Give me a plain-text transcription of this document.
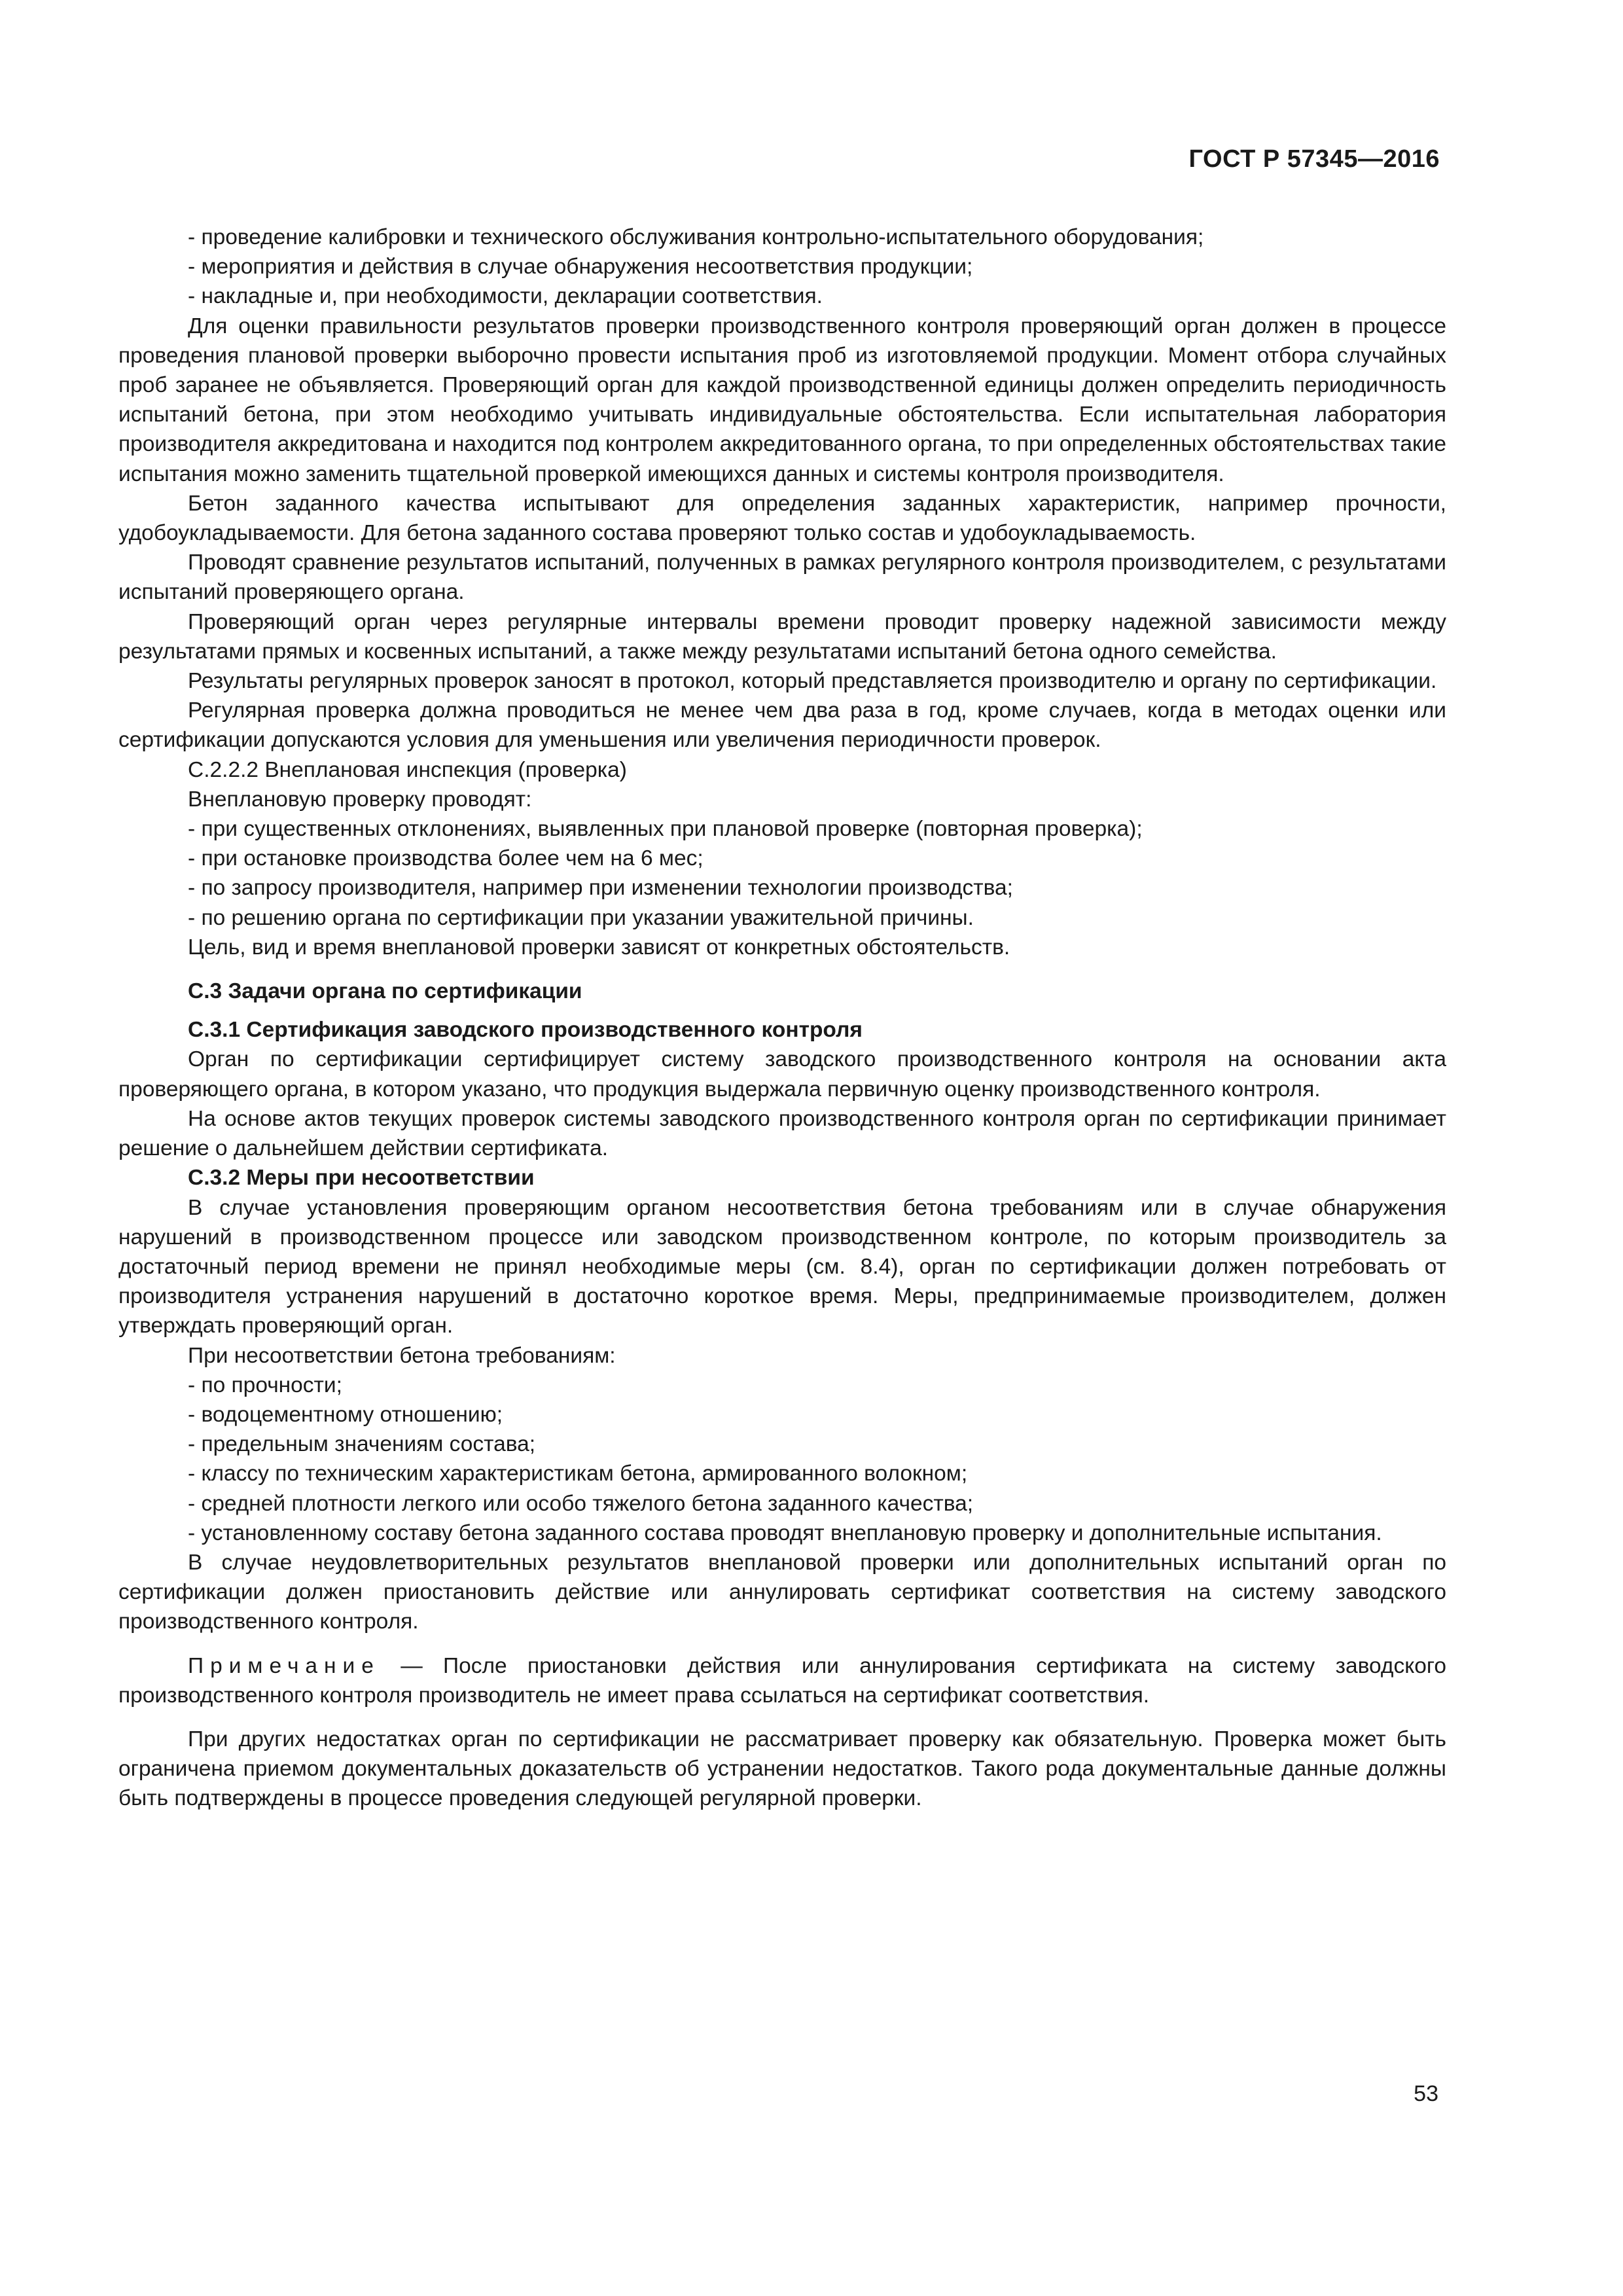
ГОСТ Р 57345—2016

- проведение калибровки и технического обслуживания контрольно-испытательного оборудования;

- мероприятия и действия в случае обнаружения несоответствия продукции;

- накладные и, при необходимости, декларации соответствия.

Для оценки правильности результатов проверки производственного контроля проверяющий орган должен в процессе проведения плановой проверки выборочно провести испытания проб из изготовляемой продукции. Момент отбора случайных проб заранее не объявляется. Проверяющий орган для каждой производственной единицы должен определить периодичность испытаний бетона, при этом необходимо учитывать индивидуальные обстоятельства. Если испытательная лаборатория производителя аккредитована и находится под контролем аккредитованного органа, то при определенных обстоятельствах такие испытания можно заменить тщательной проверкой имеющихся данных и системы контроля производителя.

Бетон заданного качества испытывают для определения заданных характеристик, например прочности, удобоукладываемости. Для бетона заданного состава проверяют только состав и удобоукладываемость.

Проводят сравнение результатов испытаний, полученных в рамках регулярного контроля производителем, с результатами испытаний проверяющего органа.

Проверяющий орган через регулярные интервалы времени проводит проверку надежной зависимости между результатами прямых и косвенных испытаний, а также между результатами испытаний бетона одного семейства.

Результаты регулярных проверок заносят в протокол, который представляется производителю и органу по сертификации.

Регулярная проверка должна проводиться не менее чем два раза в год, кроме случаев, когда в методах оценки или сертификации допускаются условия для уменьшения или увеличения периодичности проверок.

С.2.2.2 Внеплановая инспекция (проверка)

Внеплановую проверку проводят:

- при существенных отклонениях, выявленных при плановой проверке (повторная проверка);

- при остановке производства более чем на 6 мес;

- по запросу производителя, например при изменении технологии производства;

- по решению органа по сертификации при указании уважительной причины.

Цель, вид и время внеплановой проверки зависят от конкретных обстоятельств.

С.3 Задачи органа по сертификации

С.3.1 Сертификация заводского производственного контроля

Орган по сертификации сертифицирует систему заводского производственного контроля на основании акта проверяющего органа, в котором указано, что продукция выдержала первичную оценку производственного контроля.

На основе актов текущих проверок системы заводского производственного контроля орган по сертификации принимает решение о дальнейшем действии сертификата.

С.3.2 Меры при несоответствии

В случае установления проверяющим органом несоответствия бетона требованиям или в случае обнаружения нарушений в производственном процессе или заводском производственном контроле, по которым производитель за достаточный период времени не принял необходимые меры (см. 8.4), орган по сертификации должен потребовать от производителя устранения нарушений в достаточно короткое время. Меры, предпринимаемые производителем, должен утверждать проверяющий орган.

При несоответствии бетона требованиям:

- по прочности;

- водоцементному отношению;

- предельным значениям состава;

- классу по техническим характеристикам бетона, армированного волокном;

- средней плотности легкого или особо тяжелого бетона заданного качества;

- установленному составу бетона заданного состава проводят внеплановую проверку и дополнительные испытания.

В случае неудовлетворительных результатов внеплановой проверки или дополнительных испытаний орган по сертификации должен приостановить действие или аннулировать сертификат соответствия на систему заводского производственного контроля.

Примечание — После приостановки действия или аннулирования сертификата на систему заводского производственного контроля производитель не имеет права ссылаться на сертификат соответствия.

При других недостатках орган по сертификации не рассматривает проверку как обязательную. Проверка может быть ограничена приемом документальных доказательств об устранении недостатков. Такого рода документальные данные должны быть подтверждены в процессе проведения следующей регулярной проверки.

53
